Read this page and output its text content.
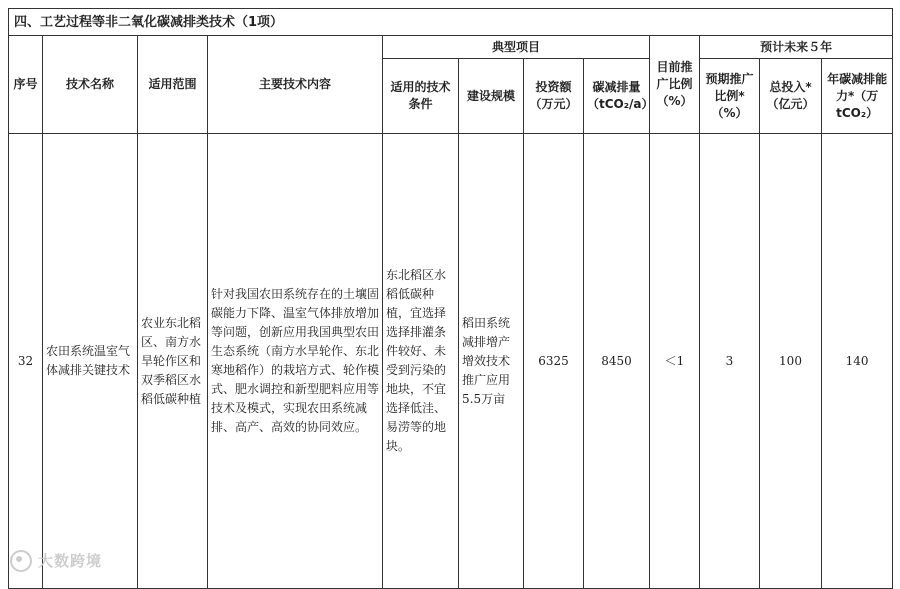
四、工艺过程等非二氧化碳减排类技术（1项）											
序号	技术名称	适用范围	主要技术内容	典型项目				目前推广比例（%）	预计未来５年		
				适用的技术条件	建设规模	投资额（万元）	碳减排量（tCO₂/a）		预期推广比例*（%）	总投入*（亿元）	年碳减排能力*（万tCO₂）
32	农田系统温室气体减排关键技术	农业东北稻区、南方水旱轮作区和双季稻区水稻低碳种植	针对我国农田系统存在的土壤固碳能力下降、温室气体排放增加等问题，创新应用我国典型农田生态系统（南方水旱轮作、东北寒地稻作）的栽培方式、轮作模式、肥水调控和新型肥料应用等技术及模式，实现农田系统减排、高产、高效的协同效应。	东北稻区水稻低碳种植，宜选择选择排灌条件较好、未受到污染的地块，不宜选择低洼、易涝等的地块。	稻田系统减排增产增效技术推广应用5.5万亩	6325	8450	＜1	3	100	140
大数跨境
